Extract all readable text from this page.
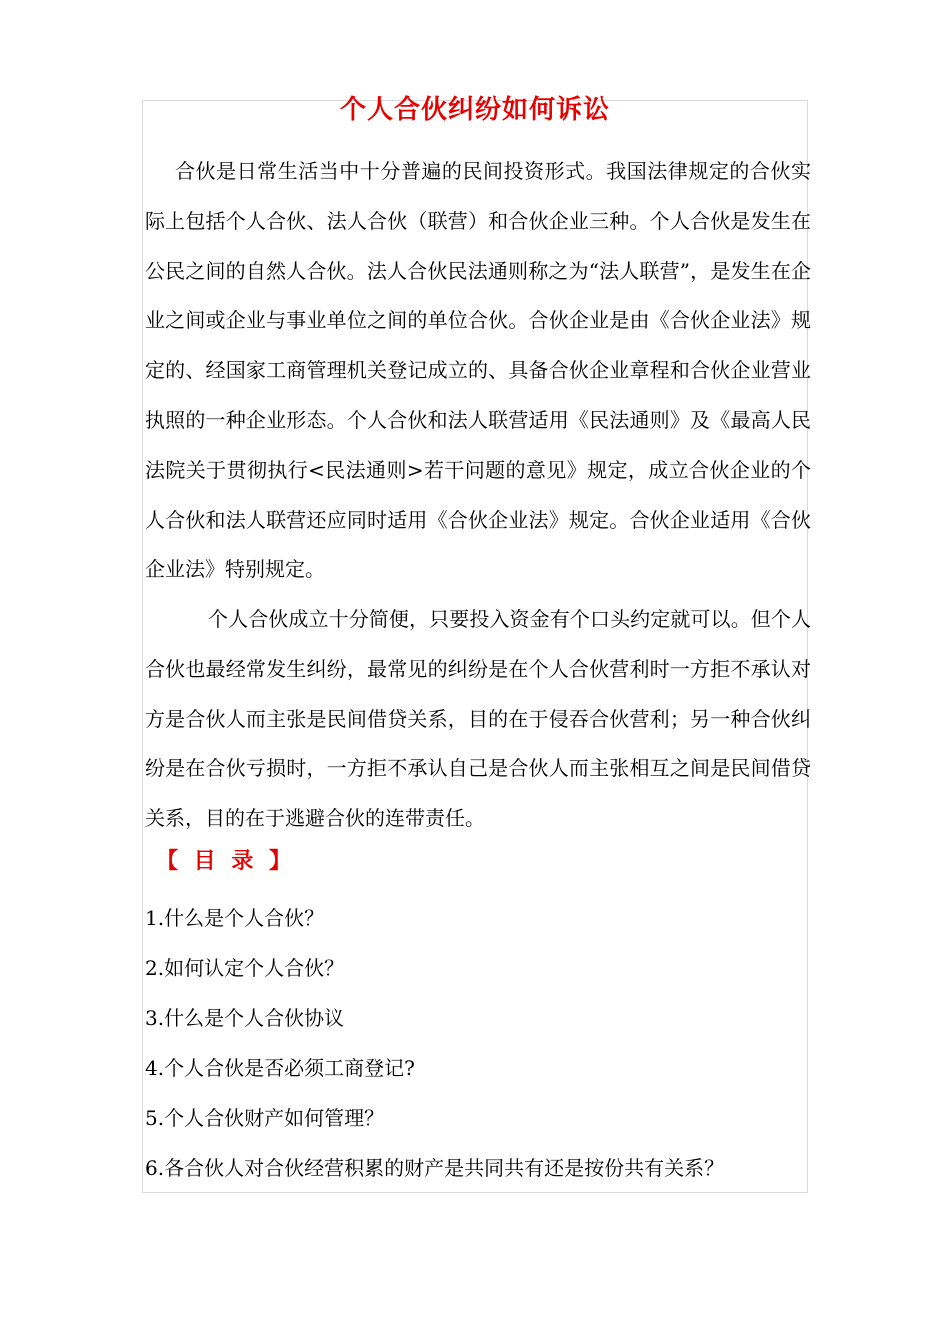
个人合伙纠纷如何诉讼

合伙是日常生活当中十分普遍的民间投资形式。我国法律规定的合伙实际上包括个人合伙、法人合伙（联营）和合伙企业三种。个人合伙是发生在公民之间的自然人合伙。法人合伙民法通则称之为“法人联营”，是发生在企业之间或企业与事业单位之间的单位合伙。合伙企业是由《合伙企业法》规定的、经国家工商管理机关登记成立的、具备合伙企业章程和合伙企业营业执照的一种企业形态。个人合伙和法人联营适用《民法通则》及《最高人民法院关于贯彻执行<民法通则>若干问题的意见》规定，成立合伙企业的个人合伙和法人联营还应同时适用《合伙企业法》规定。合伙企业适用《合伙企业法》特别规定。

个人合伙成立十分简便，只要投入资金有个口头约定就可以。但个人合伙也最经常发生纠纷，最常见的纠纷是在个人合伙营利时一方拒不承认对方是合伙人而主张是民间借贷关系，目的在于侵吞合伙营利；另一种合伙纠纷是在合伙亏损时，一方拒不承认自己是合伙人而主张相互之间是民间借贷关系，目的在于逃避合伙的连带责任。

【 目 录 】
1.什么是个人合伙？
2.如何认定个人合伙？
3.什么是个人合伙协议
4.个人合伙是否必须工商登记?
5.个人合伙财产如何管理？
6.各合伙人对合伙经营积累的财产是共同共有还是按份共有关系？
